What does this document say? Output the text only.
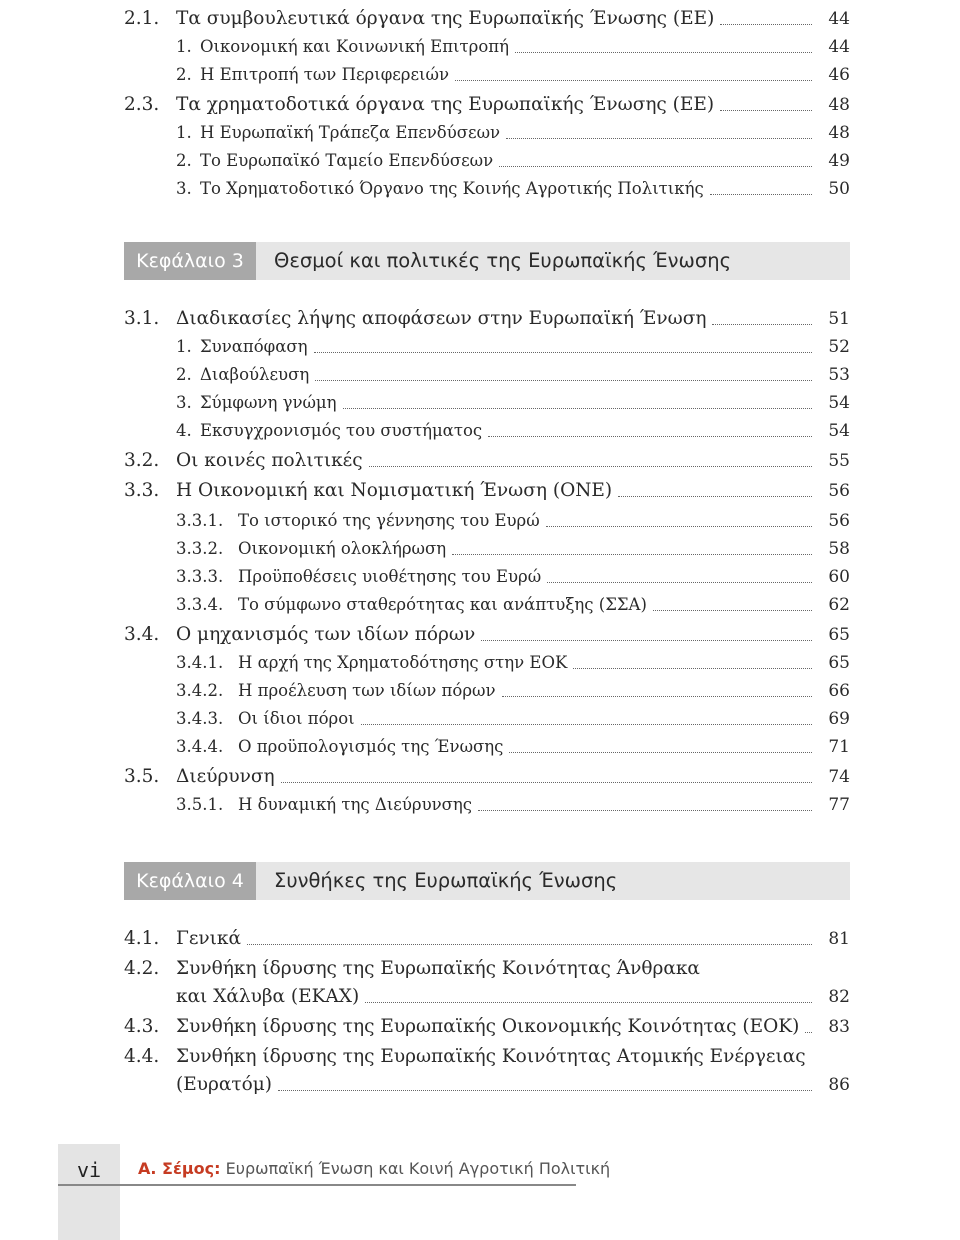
2.1. Τα συμβουλευτικά όργανα της Ευρωπαϊκής Ένωσης (ΕΕ)	44
1. Οικονομική και Κοινωνική Επιτροπή	44
2. Η Επιτροπή των Περιφερειών	46
2.3. Τα χρηματοδοτικά όργανα της Ευρωπαϊκής Ένωσης (ΕΕ)	48
1. Η Ευρωπαϊκή Τράπεζα Επενδύσεων	48
2. Το Ευρωπαϊκό Ταμείο Επενδύσεων	49
3. Το Χρηματοδοτικό Όργανο της Κοινής Αγροτικής Πολιτικής	50
Κεφάλαιο 3	Θεσμοί και πολιτικές της Ευρωπαϊκής Ένωσης
3.1. Διαδικασίες λήψης αποφάσεων στην Ευρωπαϊκή Ένωση	51
1. Συναπόφαση	52
2. Διαβούλευση	53
3. Σύμφωνη γνώμη	54
4. Εκσυγχρονισμός του συστήματος	54
3.2. Οι κοινές πολιτικές	55
3.3. Η Οικονομική και Νομισματική Ένωση (ΟΝΕ)	56
3.3.1. Το ιστορικό της γέννησης του Ευρώ	56
3.3.2. Οικονομική ολοκλήρωση	58
3.3.3. Προϋποθέσεις υιοθέτησης του Ευρώ	60
3.3.4. Το σύμφωνο σταθερότητας και ανάπτυξης (ΣΣΑ)	62
3.4. Ο μηχανισμός των ιδίων πόρων	65
3.4.1. Η αρχή της Χρηματοδότησης στην ΕΟΚ	65
3.4.2. Η προέλευση των ιδίων πόρων	66
3.4.3. Οι ίδιοι πόροι	69
3.4.4. Ο προϋπολογισμός της Ένωσης	71
3.5. Διεύρυνση	74
3.5.1. Η δυναμική της Διεύρυνσης	77
Κεφάλαιο 4	Συνθήκες της Ευρωπαϊκής Ένωσης
4.1. Γενικά	81
4.2. Συνθήκη ίδρυσης της Ευρωπαϊκής Κοινότητας Άνθρακα
και Χάλυβα (ΕΚΑΧ)	82
4.3. Συνθήκη ίδρυσης της Ευρωπαϊκής Οικονομικής Κοινότητας (ΕΟΚ)	83
4.4. Συνθήκη ίδρυσης της Ευρωπαϊκής Κοινότητας Ατομικής Ενέργειας
(Ευρατόμ)	86
vi	Α. Σέμος: Ευρωπαϊκή Ένωση και Κοινή Αγροτική Πολιτική
